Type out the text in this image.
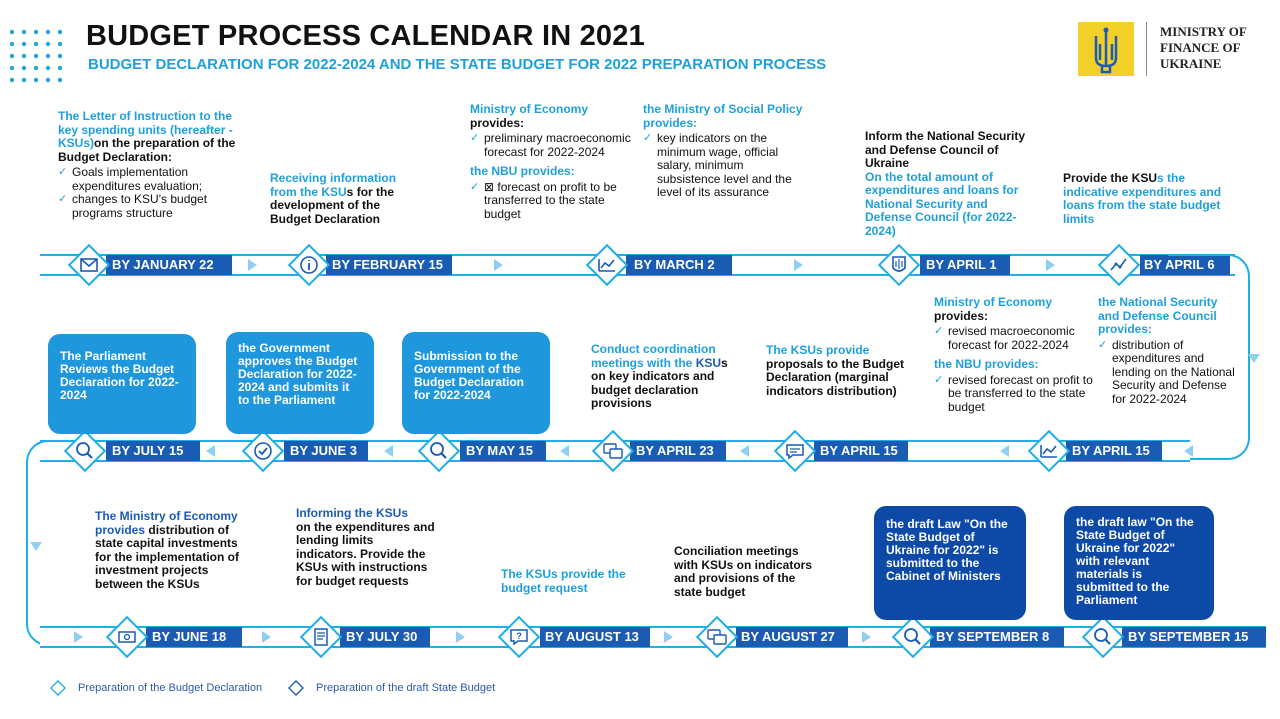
BUDGET PROCESS CALENDAR IN 2021
BUDGET DECLARATION FOR 2022-2024 AND THE STATE BUDGET FOR 2022 PREPARATION PROCESS
MINISTRY OF FINANCE OF UKRAINE
BY JANUARY 22	BY FEBRUARY 15	BY MARCH 2	BY APRIL 1	BY APRIL 6
BY JULY 15	BY JUNE 3	BY MAY 15	BY APRIL 23	BY APRIL 15	BY APRIL 15
BY JUNE 18	BY JULY 30	BY AUGUST 13	BY AUGUST 27	BY SEPTEMBER 8	BY SEPTEMBER 15
?
The Letter of Instruction to the key spending units (hereafter - KSUs)on the preparation of the Budget Declaration:
✓ Goals implementation expenditures evaluation;
✓ changes to KSU's budget programs structure
Receiving information from the KSUs for the development of the Budget Declaration
Ministry of Economy
provides:
✓ preliminary macroeconomic forecast for 2022-2024
the NBU provides:
✓ ⊠ forecast on profit to be transferred to the state budget
the Ministry of Social Policy provides:
✓ key indicators on the minimum wage, official salary, minimum subsistence level and the level of its assurance
Inform the National Security and Defense Council of Ukraine
On the total amount of expenditures and loans for National Security and Defense Council (for 2022-2024)
Provide the KSUs the indicative expenditures and loans from the state budget limits
The Parliament Reviews the Budget Declaration for 2022-2024
the Government approves the Budget Declaration for 2022-2024 and submits it to the Parliament
Submission to the Government of the Budget Declaration for 2022-2024
Conduct coordination meetings with the KSUs on key indicators and budget declaration provisions
The KSUs provide
proposals to the Budget Declaration (marginal indicators distribution)
Ministry of Economy
provides:
✓ revised macroeconomic forecast for 2022-2024
the NBU provides:
✓ revised forecast on profit to be transferred to the state budget
the National Security and Defense Council provides:
✓ distribution of expenditures and lending on the National Security and Defense for 2022-2024
The Ministry of Economy provides distribution of state capital investments for the implementation of investment projects between the KSUs
Informing the KSUs
on the expenditures and lending limits indicators. Provide the KSUs with instructions for budget requests	The KSUs provide the budget request
Conciliation meetings with KSUs on indicators and provisions of the state budget
the draft Law "On the State Budget of Ukraine for 2022" is submitted to the Cabinet of Ministers
the draft law "On the State Budget of Ukraine for 2022" with relevant materials is submitted to the Parliament
Preparation of the Budget Declaration	Preparation of the draft State Budget
